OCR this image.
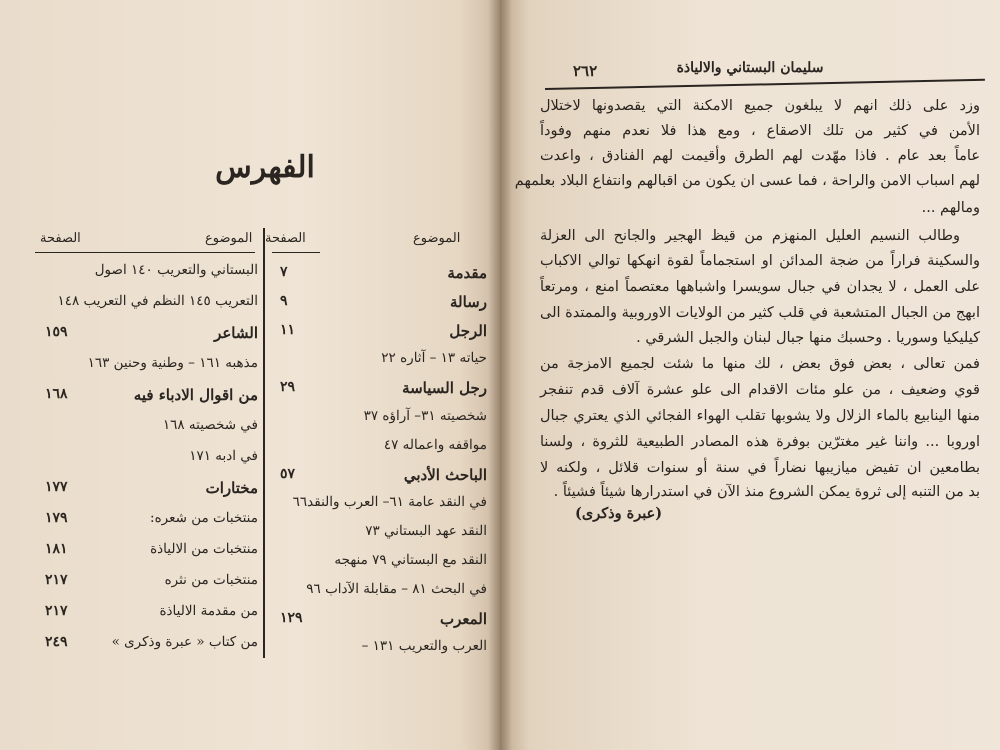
الفهرس
الموضوع
الصفحة
الموضوع
الصفحة
مقدمة
٧
رسالة
٩
الرجل
١١
حياته ١٣ – آثاره ٢٢
رجل السياسة
٢٩
شخصيته ٣١– آراؤه ٣٧
مواقفه واعماله ٤٧
الباحث الأدبي
٥٧
في النقد عامة ٦١– العرب والنقد٦٦
النقد عهد البستاني ٧٣
النقد مع البستاني ٧٩ منهجه
في البحث ٨١ – مقابلة الآداب ٩٦
المعرب
١٢٩
العرب والتعريب ١٣١ –
البستاني والتعريب ١٤٠ اصول
التعريب ١٤٥ النظم في التعريب ١٤٨
الشاعر
١٥٩
مذهبه ١٦١ – وطنية وحنين ١٦٣
من اقوال الادباء فيه
١٦٨
في شخصيته ١٦٨
في ادبه ١٧١
مختارات
١٧٧
منتخبات من شعره:
١٧٩
منتخبات من الالياذة
١٨١
منتخبات من نثره
٢١٧
من مقدمة الالياذة
٢١٧
من كتاب « عبرة وذكرى »
٢٤٩
٢٦٢	سليمان البستاني والالياذة
وزد على ذلك انهم لا يبلغون جميع الامكنة التي يقصدونها لاختلال
الأمن في كثير من تلك الاصقاع ، ومع هذا فلا نعدم منهم وفوداً
عاماً بعد عام . فاذا مهّدت لهم الطرق وأقيمت لهم الفنادق ، واعدت
لهم اسباب الامن والراحة ، فما عسى ان يكون من اقبالهم وانتفاع البلاد بعلمهم
ومالهم ...
وطالب النسيم العليل المنهزم من قيظ الهجير والجانح الى العزلة
والسكينة فراراً من ضجة المدائن او استجماماً لقوة انهكها توالي الاكباب
على العمل ، لا يجدان في جبال سويسرا واشباهها معتصماً امنع ، ومرتعاً
ابهج من الجبال المتشعبة في قلب كثير من الولايات الاوروبية والممتدة الى
كيليكيا وسوريا . وحسبك منها جبال لبنان والجبل الشرقي .
فمن تعالى ، بعض فوق بعض ، لك منها ما شئت لجميع الامزجة من
قوي وضعيف ، من علو مئات الاقدام الى علو عشرة آلاف قدم تنفجر
منها الينابيع بالماء الزلال ولا يشوبها تقلب الهواء الفجائي الذي يعتري جبال
اوروبا ... واننا غير مغترّين بوفرة هذه المصادر الطبيعية للثروة ، ولسنا
بطامعين ان تفيض ميازيبها نضاراً في سنة أو سنوات قلائل ، ولكنه لا
بد من التنبه إلى ثروة يمكن الشروع منذ الآن في استدرارها شيئاً فشيئاً .
(عبرة وذكرى)
